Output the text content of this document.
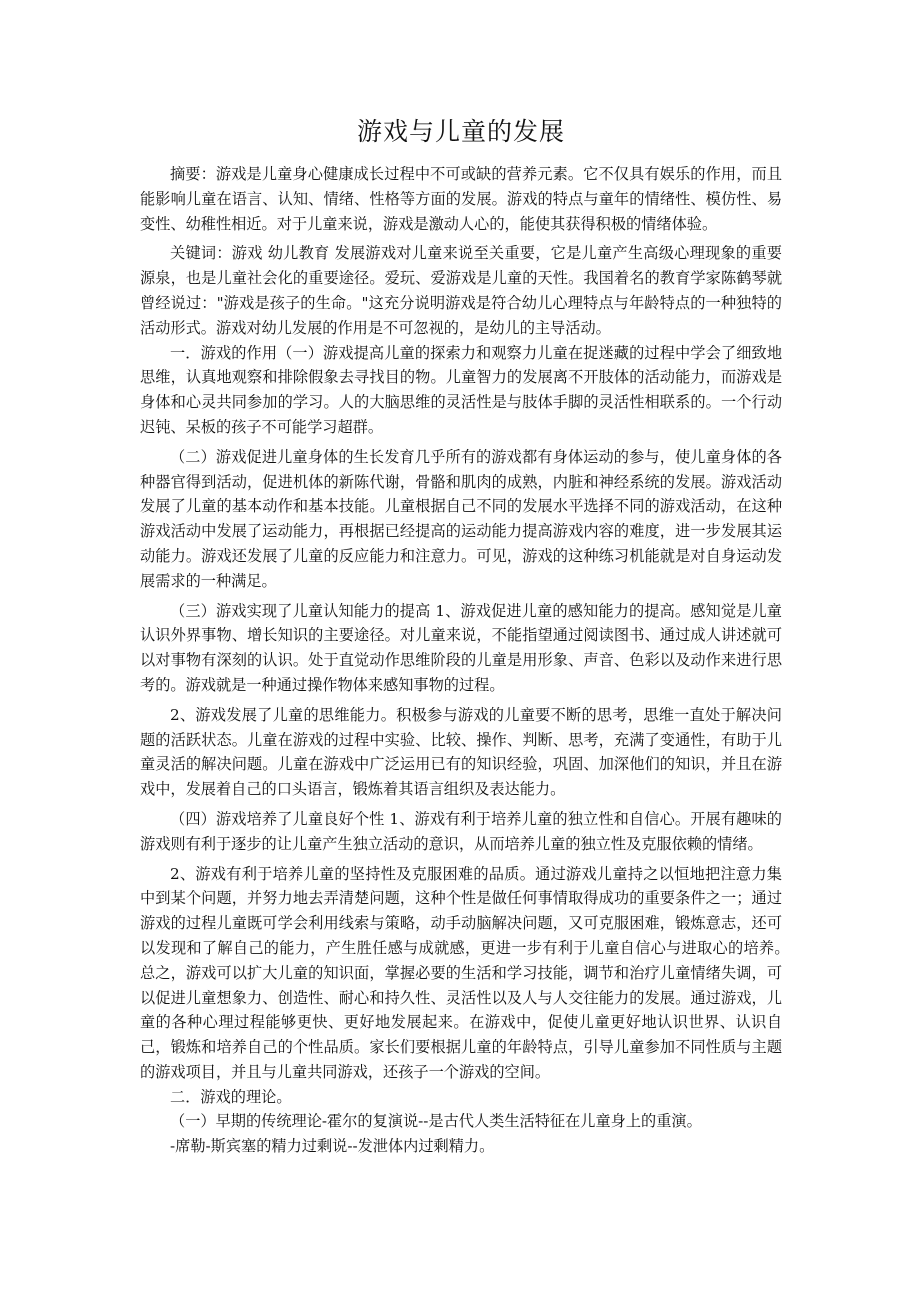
游戏与儿童的发展

摘要：游戏是儿童身心健康成长过程中不可或缺的营养元素。它不仅具有娱乐的作用，而且能影响儿童在语言、认知、情绪、性格等方面的发展。游戏的特点与童年的情绪性、模仿性、易变性、幼稚性相近。对于儿童来说，游戏是激动人心的，能使其获得积极的情绪体验。

关键词：游戏 幼儿教育 发展游戏对儿童来说至关重要，它是儿童产生高级心理现象的重要源泉，也是儿童社会化的重要途径。爱玩、爱游戏是儿童的天性。我国着名的教育学家陈鹤琴就曾经说过："游戏是孩子的生命。"这充分说明游戏是符合幼儿心理特点与年龄特点的一种独特的活动形式。游戏对幼儿发展的作用是不可忽视的，是幼儿的主导活动。

一．游戏的作用（一）游戏提高儿童的探索力和观察力儿童在捉迷藏的过程中学会了细致地思维，认真地观察和排除假象去寻找目的物。儿童智力的发展离不开肢体的活动能力，而游戏是身体和心灵共同参加的学习。人的大脑思维的灵活性是与肢体手脚的灵活性相联系的。一个行动迟钝、呆板的孩子不可能学习超群。

（二）游戏促进儿童身体的生长发育几乎所有的游戏都有身体运动的参与，使儿童身体的各种器官得到活动，促进机体的新陈代谢，骨骼和肌肉的成熟，内脏和神经系统的发展。游戏活动发展了儿童的基本动作和基本技能。儿童根据自己不同的发展水平选择不同的游戏活动，在这种游戏活动中发展了运动能力，再根据已经提高的运动能力提高游戏内容的难度，进一步发展其运动能力。游戏还发展了儿童的反应能力和注意力。可见，游戏的这种练习机能就是对自身运动发展需求的一种满足。

（三）游戏实现了儿童认知能力的提高 1、游戏促进儿童的感知能力的提高。感知觉是儿童认识外界事物、增长知识的主要途径。对儿童来说，不能指望通过阅读图书、通过成人讲述就可以对事物有深刻的认识。处于直觉动作思维阶段的儿童是用形象、声音、色彩以及动作来进行思考的。游戏就是一种通过操作物体来感知事物的过程。

2、游戏发展了儿童的思维能力。积极参与游戏的儿童要不断的思考，思维一直处于解决问题的活跃状态。儿童在游戏的过程中实验、比较、操作、判断、思考，充满了变通性，有助于儿童灵活的解决问题。儿童在游戏中广泛运用已有的知识经验，巩固、加深他们的知识，并且在游戏中，发展着自己的口头语言，锻炼着其语言组织及表达能力。

（四）游戏培养了儿童良好个性 1、游戏有利于培养儿童的独立性和自信心。开展有趣味的游戏则有利于逐步的让儿童产生独立活动的意识，从而培养儿童的独立性及克服依赖的情绪。

2、游戏有利于培养儿童的坚持性及克服困难的品质。通过游戏儿童持之以恒地把注意力集中到某个问题，并努力地去弄清楚问题，这种个性是做任何事情取得成功的重要条件之一；通过游戏的过程儿童既可学会利用线索与策略，动手动脑解决问题，又可克服困难，锻炼意志，还可以发现和了解自己的能力，产生胜任感与成就感，更进一步有利于儿童自信心与进取心的培养。　　总之，游戏可以扩大儿童的知识面，掌握必要的生活和学习技能，调节和治疗儿童情绪失调，可以促进儿童想象力、创造性、耐心和持久性、灵活性以及人与人交往能力的发展。通过游戏，儿童的各种心理过程能够更快、更好地发展起来。在游戏中，促使儿童更好地认识世界、认识自己，锻炼和培养自己的个性品质。家长们要根据儿童的年龄特点，引导儿童参加不同性质与主题的游戏项目，并且与儿童共同游戏，还孩子一个游戏的空间。

二．游戏的理论。

（一）早期的传统理论-霍尔的复演说--是古代人类生活特征在儿童身上的重演。

-席勒-斯宾塞的精力过剩说--发泄体内过剩精力。
